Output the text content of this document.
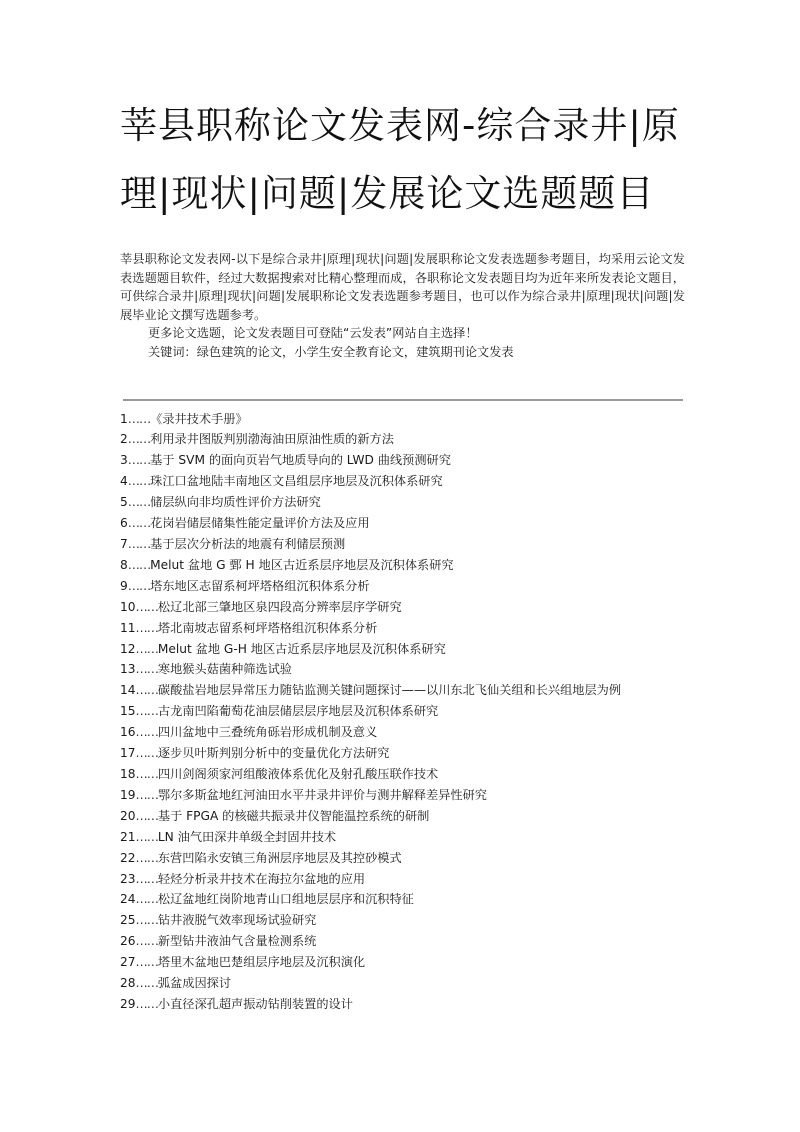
莘县职称论文发表网-综合录井|原理|现状|问题|发展论文选题题目

莘县职称论文发表网-以下是综合录井|原理|现状|问题|发展职称论文发表选题参考题目，均采用云论文发表选题题目软件，经过大数据搜索对比精心整理而成，各职称论文发表题目均为近年来所发表论文题目，可供综合录井|原理|现状|问题|发展职称论文发表选题参考题目，也可以作为综合录井|原理|现状|问题|发展毕业论文撰写选题参考。

更多论文选题，论文发表题目可登陆“云发表”网站自主选择！

关键词：绿色建筑的论文，小学生安全教育论文，建筑期刊论文发表

1……《录井技术手册》
2……利用录井图版判别渤海油田原油性质的新方法
3……基于 SVM 的面向页岩气地质导向的 LWD 曲线预测研究
4……珠江口盆地陆丰南地区文昌组层序地层及沉积体系研究
5……储层纵向非均质性评价方法研究
6……花岗岩储层储集性能定量评价方法及应用
7……基于层次分析法的地震有利储层预测
8……Melut 盆地 G 鄄 H 地区古近系层序地层及沉积体系研究
9……塔东地区志留系柯坪塔格组沉积体系分析
10……松辽北部三肇地区泉四段高分辨率层序学研究
11……塔北南坡志留系柯坪塔格组沉积体系分析
12……Melut 盆地 G-H 地区古近系层序地层及沉积体系研究
13……寒地猴头菇菌种筛选试验
14……碳酸盐岩地层异常压力随钻监测关键问题探讨——以川东北飞仙关组和长兴组地层为例
15……古龙南凹陷葡萄花油层储层层序地层及沉积体系研究
16……四川盆地中三叠统角砾岩形成机制及意义
17……逐步贝叶斯判别分析中的变量优化方法研究
18……四川剑阁须家河组酸液体系优化及射孔酸压联作技术
19……鄂尔多斯盆地红河油田水平井录井评价与测井解释差异性研究
20……基于 FPGA 的核磁共振录井仪智能温控系统的研制
21……LN 油气田深井单级全封固井技术
22……东营凹陷永安镇三角洲层序地层及其控砂模式
23……轻烃分析录井技术在海拉尔盆地的应用
24……松辽盆地红岗阶地青山口组地层层序和沉积特征
25……钻井液脱气效率现场试验研究
26……新型钻井液油气含量检测系统
27……塔里木盆地巴楚组层序地层及沉积演化
28……弧盆成因探讨
29……小直径深孔超声振动钻削装置的设计
